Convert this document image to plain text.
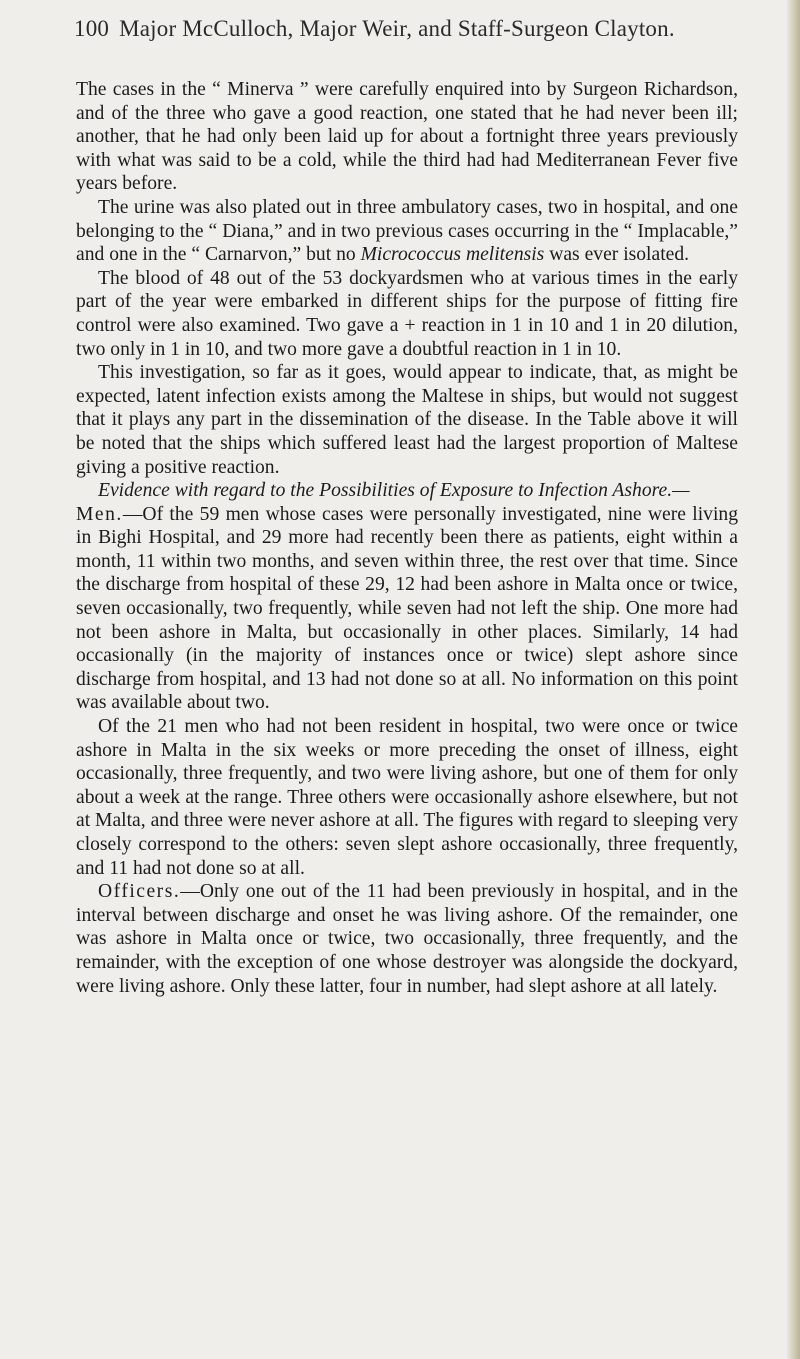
100 Major McCulloch, Major Weir, and Staff-Surgeon Clayton.

The cases in the “ Minerva ” were carefully enquired into by Surgeon Richardson, and of the three who gave a good reaction, one stated that he had never been ill; another, that he had only been laid up for about a fortnight three years previously with what was said to be a cold, while the third had had Mediterranean Fever five years before.

The urine was also plated out in three ambulatory cases, two in hospital, and one belonging to the “ Diana,” and in two previous cases occurring in the “ Implacable,” and one in the “ Carnarvon,” but no Micrococcus melitensis was ever isolated.

The blood of 48 out of the 53 dockyardsmen who at various times in the early part of the year were embarked in different ships for the purpose of fitting fire control were also examined. Two gave a + reaction in 1 in 10 and 1 in 20 dilution, two only in 1 in 10, and two more gave a doubtful reaction in 1 in 10.

This investigation, so far as it goes, would appear to indicate, that, as might be expected, latent infection exists among the Maltese in ships, but would not suggest that it plays any part in the dissemination of the disease. In the Table above it will be noted that the ships which suffered least had the largest proportion of Maltese giving a positive reaction.

Evidence with regard to the Possibilities of Exposure to Infection Ashore.—

Men.—Of the 59 men whose cases were personally investigated, nine were living in Bighi Hospital, and 29 more had recently been there as patients, eight within a month, 11 within two months, and seven within three, the rest over that time. Since the discharge from hospital of these 29, 12 had been ashore in Malta once or twice, seven occasionally, two frequently, while seven had not left the ship. One more had not been ashore in Malta, but occasionally in other places. Similarly, 14 had occasionally (in the majority of instances once or twice) slept ashore since discharge from hospital, and 13 had not done so at all. No information on this point was available about two.

Of the 21 men who had not been resident in hospital, two were once or twice ashore in Malta in the six weeks or more preceding the onset of illness, eight occasionally, three frequently, and two were living ashore, but one of them for only about a week at the range. Three others were occasionally ashore elsewhere, but not at Malta, and three were never ashore at all. The figures with regard to sleeping very closely correspond to the others: seven slept ashore occasionally, three frequently, and 11 had not done so at all.

Officers.—Only one out of the 11 had been previously in hospital, and in the interval between discharge and onset he was living ashore. Of the remainder, one was ashore in Malta once or twice, two occasionally, three frequently, and the remainder, with the exception of one whose destroyer was alongside the dockyard, were living ashore. Only these latter, four in number, had slept ashore at all lately.
